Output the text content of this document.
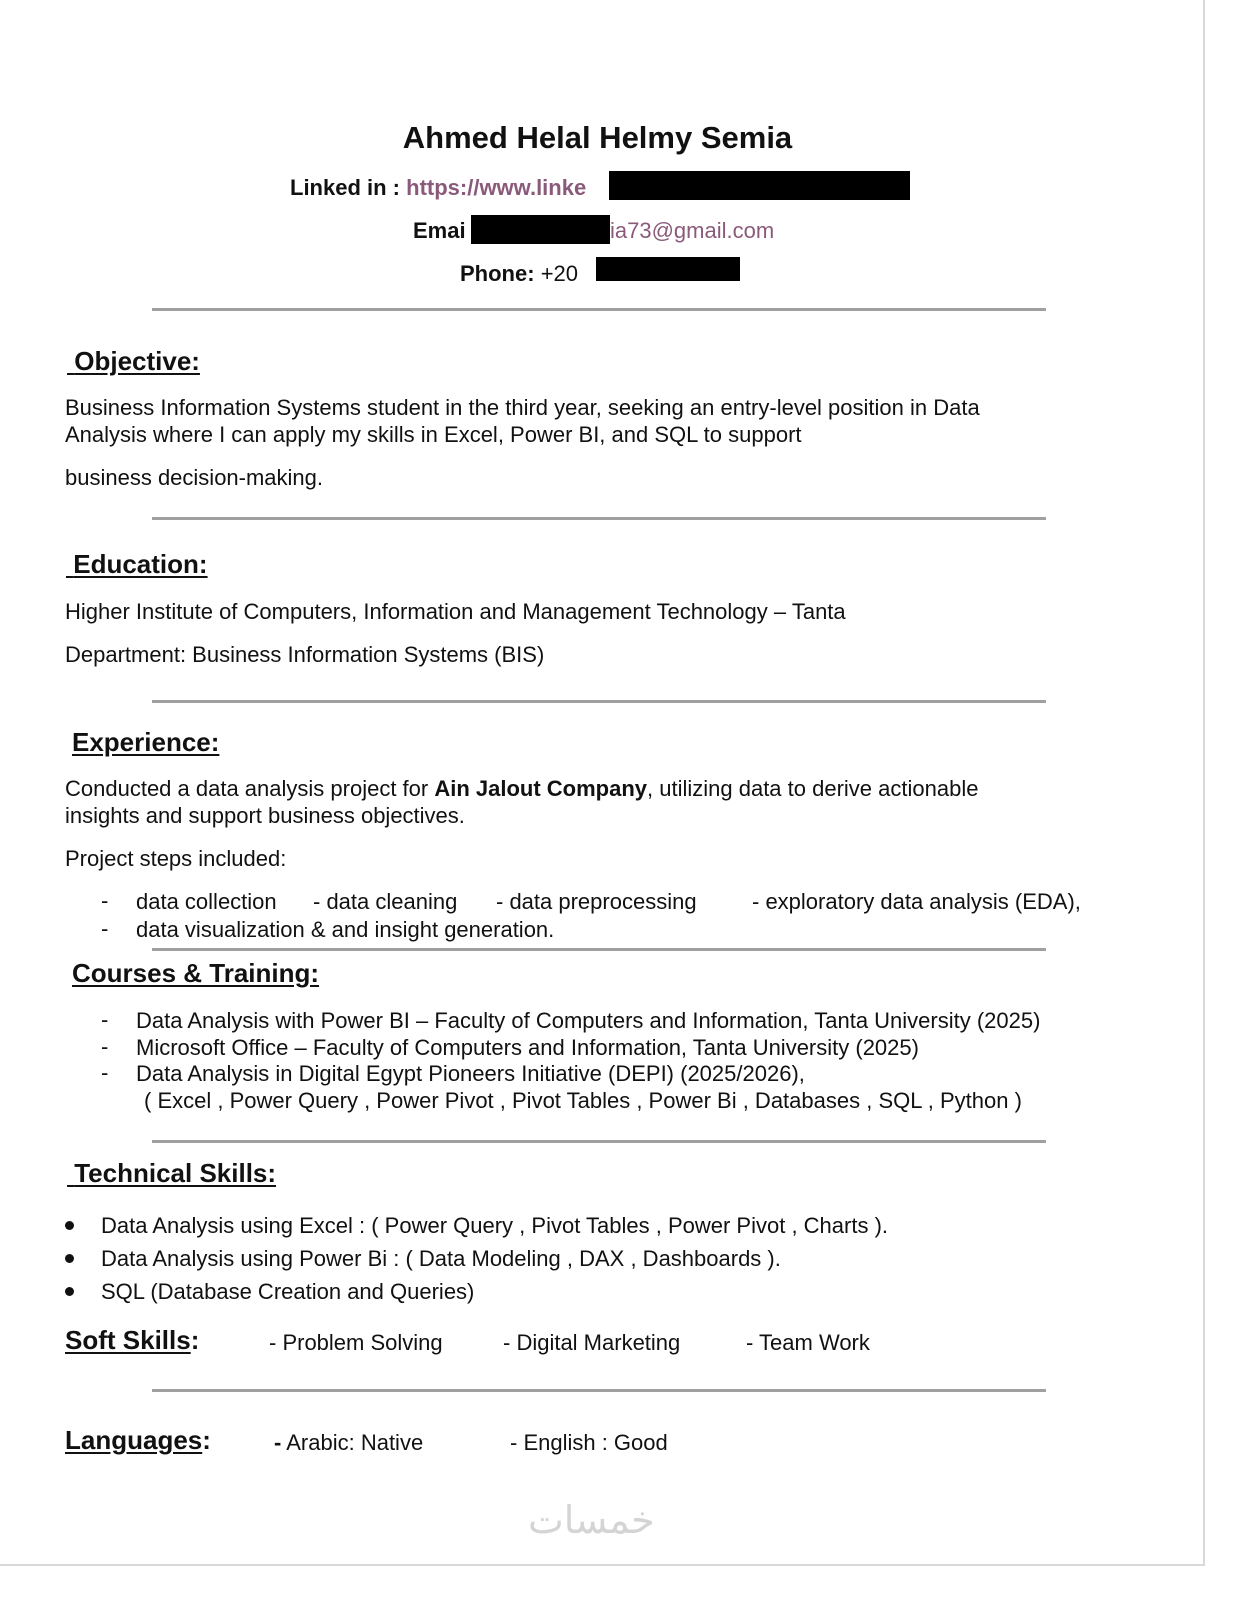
Ahmed Helal Helmy Semia
Linked in : https://www.linke
Emai	ia73@gmail.com
Phone: +20
Objective:
Business Information Systems student in the third year, seeking an entry-level position in Data
Analysis where I can apply my skills in Excel, Power BI, and SQL to support
business decision-making.
Education:
Higher Institute of Computers, Information and Management Technology – Tanta
Department: Business Information Systems (BIS)
Experience:
Conducted a data analysis project for Ain Jalout Company, utilizing data to derive actionable
insights and support business objectives.
Project steps included:
- data collection - data cleaning - data preprocessing	- exploratory data analysis (EDA),
- data visualization & and insight generation.
Courses & Training:
- Data Analysis with Power BI – Faculty of Computers and Information, Tanta University (2025)
- Microsoft Office – Faculty of Computers and Information, Tanta University (2025)
- Data Analysis in Digital Egypt Pioneers Initiative (DEPI) (2025/2026),
( Excel , Power Query , Power Pivot , Pivot Tables , Power Bi , Databases , SQL , Python )
Technical Skills:
Data Analysis using Excel : ( Power Query , Pivot Tables , Power Pivot , Charts ).
Data Analysis using Power Bi : ( Data Modeling , DAX , Dashboards ).
SQL (Database Creation and Queries)
Soft Skills:	- Problem Solving	- Digital Marketing	- Team Work
Languages:	- Arabic: Native	- English : Good
خمسات
